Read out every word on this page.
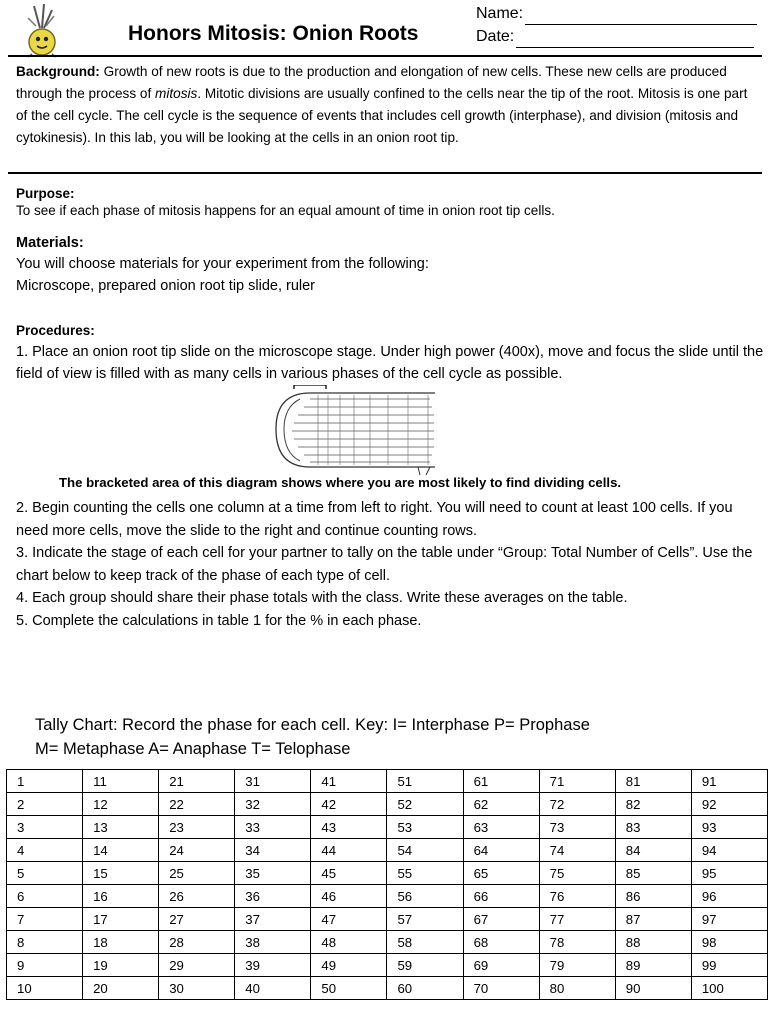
Honors Mitosis: Onion Roots
Name:
Date:
Background: Growth of new roots is due to the production and elongation of new cells. These new cells are produced through the process of mitosis. Mitotic divisions are usually confined to the cells near the tip of the root. Mitosis is one part of the cell cycle. The cell cycle is the sequence of events that includes cell growth (interphase), and division (mitosis and cytokinesis). In this lab, you will be looking at the cells in an onion root tip.
Purpose:
To see if each phase of mitosis happens for an equal amount of time in onion root tip cells.
Materials:
You will choose materials for your experiment from the following:
Microscope, prepared onion root tip slide, ruler
Procedures:
1. Place an onion root tip slide on the microscope stage. Under high power (400x), move and focus the slide until the field of view is filled with as many cells in various phases of the cell cycle as possible.
The bracketed area of this diagram shows where you are most likely to find dividing cells.

2. Begin counting the cells one column at a time from left to right. You will need to count at least 100 cells. If you need more cells, move the slide to the right and continue counting rows.

3. Indicate the stage of each cell for your partner to tally on the table under “Group: Total Number of Cells”. Use the chart below to keep track of the phase of each type of cell.

4. Each group should share their phase totals with the class. Write these averages on the table.

5. Complete the calculations in table 1 for the % in each phase.

Tally Chart: Record the phase for each cell. Key: I= Interphase P= Prophase
M= Metaphase A= Anaphase T= Telophase
1	11	21	31	41	51	61	71	81	91
2	12	22	32	42	52	62	72	82	92
3	13	23	33	43	53	63	73	83	93
4	14	24	34	44	54	64	74	84	94
5	15	25	35	45	55	65	75	85	95
6	16	26	36	46	56	66	76	86	96
7	17	27	37	47	57	67	77	87	97
8	18	28	38	48	58	68	78	88	98
9	19	29	39	49	59	69	79	89	99
10	20	30	40	50	60	70	80	90	100
